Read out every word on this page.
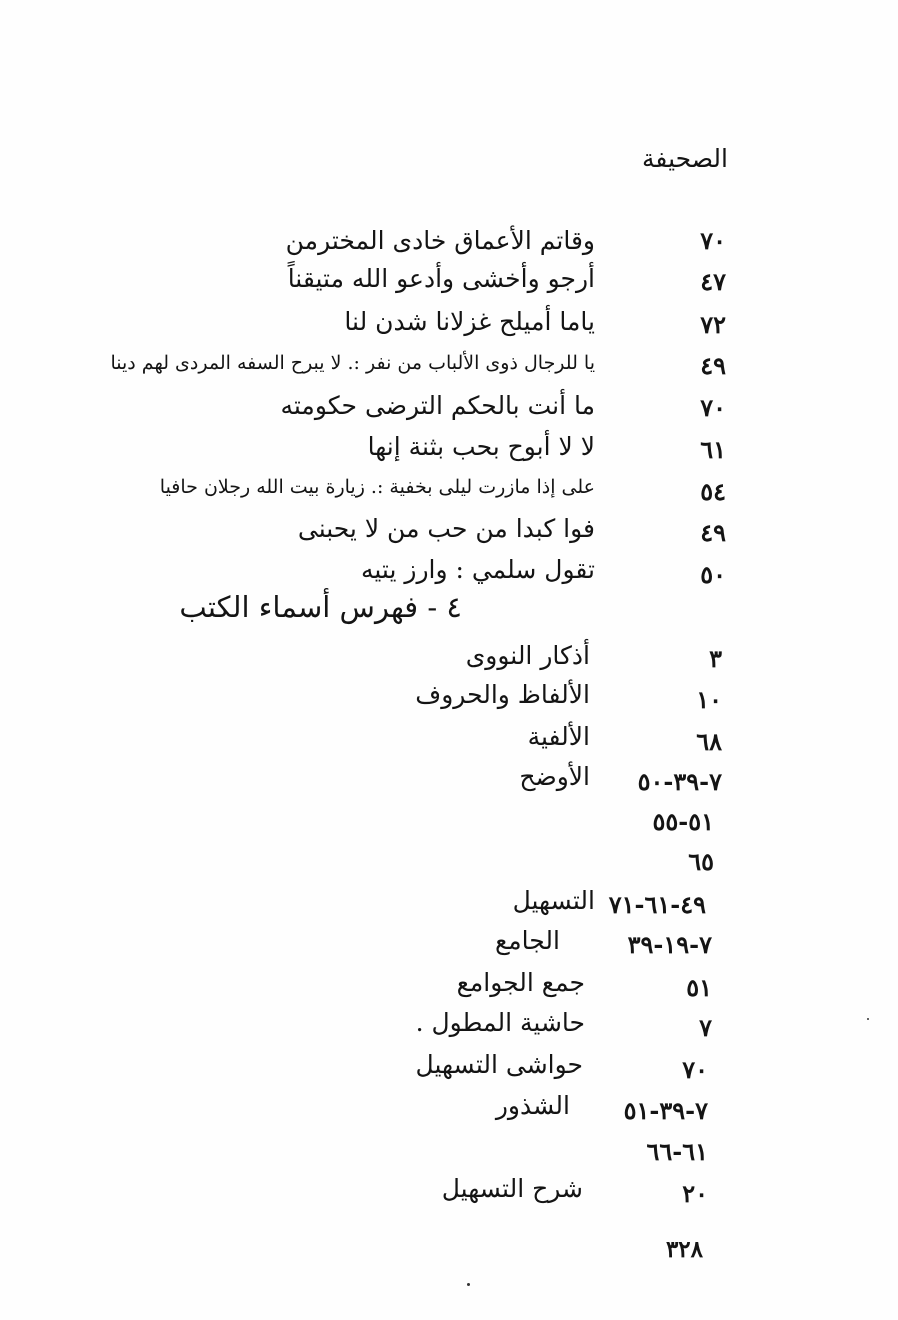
الصحيفة
٧٠
وقاتم الأعماق خادى المخترمن
٤٧
أرجو وأخشى وأدعو الله متيقناً
٧٢
ياما أميلح غزلانا شدن لنا
٤٩
يا للرجال ذوى الألباب من نفر :. لا يبرح السفه المردى لهم دينا
٧٠
ما أنت بالحكم الترضى حكومته
٦١
لا لا أبوح بحب بثنة إنها
٥٤
على إذا مازرت ليلى بخفية :. زيارة بيت الله رجلان حافيا
٤٩
فوا كبدا من حب من لا يحبنى
٥٠
تقول سلمي : وارز يتيه
٤ - فهرس أسماء الكتب
٣
أذكار النووى
١٠
الألفاظ والحروف
٦٨
الألفية
٧-٣٩-٥٠
الأوضح
٥١-٥٥
٦٥
٤٩-٦١-٧١
التسهيل
٧-١٩-٣٩
الجامع
٥١
جمع الجوامع
٧
حاشية المطول .
٧٠
حواشى التسهيل
٧-٣٩-٥١
الشذور
٦١-٦٦
٢٠
شرح التسهيل
٣٢٨
